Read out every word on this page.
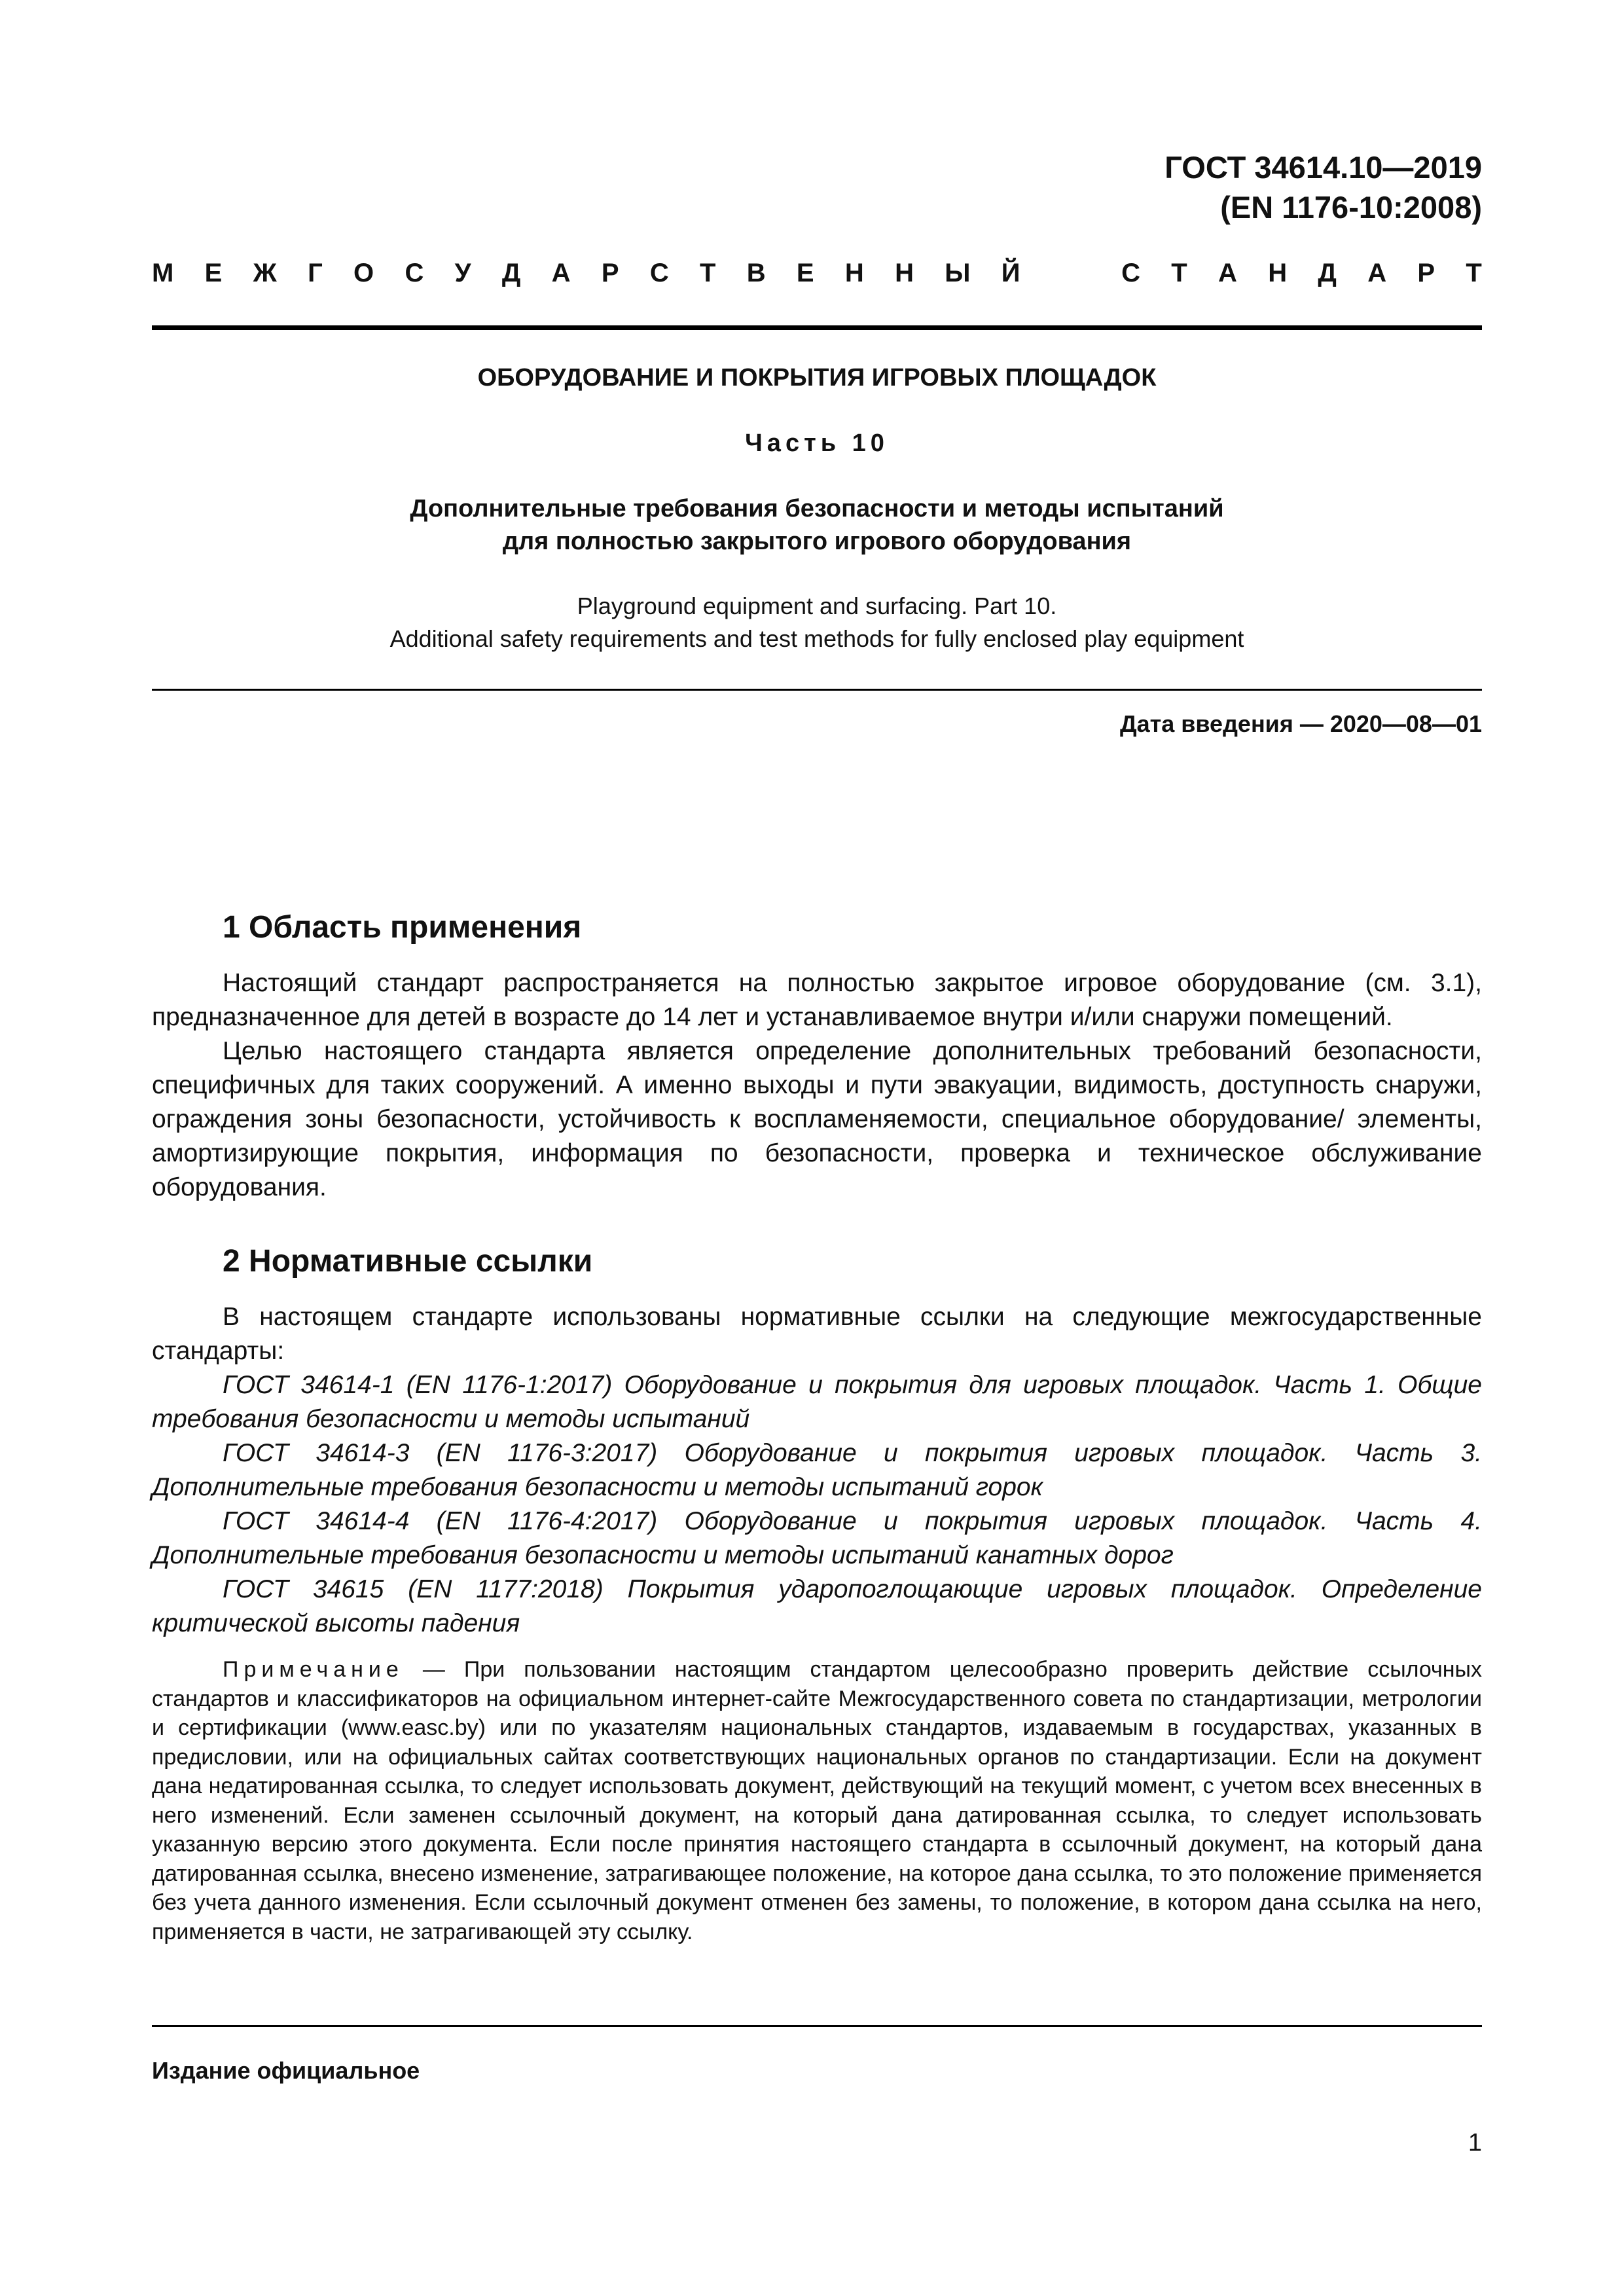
ГОСТ 34614.10—2019
(EN 1176-10:2008)
М Е Ж Г О С У Д А Р С Т В Е Н Н Ы Й	С Т А Н Д А Р Т
ОБОРУДОВАНИЕ И ПОКРЫТИЯ ИГРОВЫХ ПЛОЩАДОК
Часть 10
Дополнительные требования безопасности и методы испытаний
для полностью закрытого игрового оборудования
Playground equipment and surfacing. Part 10.
Additional safety requirements and test methods for fully enclosed play equipment
Дата введения — 2020—08—01
1 Область применения

Настоящий стандарт распространяется на полностью закрытое игровое оборудование (см. 3.1), предназначенное для детей в возрасте до 14 лет и устанавливаемое внутри и/или снаружи помещений.

Целью настоящего стандарта является определение дополнительных требований безопасности, специфичных для таких сооружений. А именно выходы и пути эвакуации, видимость, доступность снаружи, ограждения зоны безопасности, устойчивость к воспламеняемости, специальное оборудование/ элементы, амортизирующие покрытия, информация по безопасности, проверка и техническое обслуживание оборудования.

2 Нормативные ссылки

В настоящем стандарте использованы нормативные ссылки на следующие межгосударственные стандарты:

ГОСТ 34614-1 (EN 1176-1:2017) Оборудование и покрытия для игровых площадок. Часть 1. Общие требования безопасности и методы испытаний

ГОСТ 34614-3 (EN 1176-3:2017) Оборудование и покрытия игровых площадок. Часть 3. Дополнительные требования безопасности и методы испытаний горок

ГОСТ 34614-4 (EN 1176-4:2017) Оборудование и покрытия игровых площадок. Часть 4. Дополнительные требования безопасности и методы испытаний канатных дорог

ГОСТ 34615 (EN 1177:2018) Покрытия ударопоглощающие игровых площадок. Определение критической высоты падения

Примечание — При пользовании настоящим стандартом целесообразно проверить действие ссылочных стандартов и классификаторов на официальном интернет-сайте Межгосударственного совета по стандартизации, метрологии и сертификации (www.easc.by) или по указателям национальных стандартов, издаваемым в государствах, указанных в предисловии, или на официальных сайтах соответствующих национальных органов по стандартизации. Если на документ дана недатированная ссылка, то следует использовать документ, действующий на текущий момент, с учетом всех внесенных в него изменений. Если заменен ссылочный документ, на который дана датированная ссылка, то следует использовать указанную версию этого документа. Если после принятия настоящего стандарта в ссылочный документ, на который дана датированная ссылка, внесено изменение, затрагивающее положение, на которое дана ссылка, то это положение применяется без учета данного изменения. Если ссылочный документ отменен без замены, то положение, в котором дана ссылка на него, применяется в части, не затрагивающей эту ссылку.

Издание официальное
1
